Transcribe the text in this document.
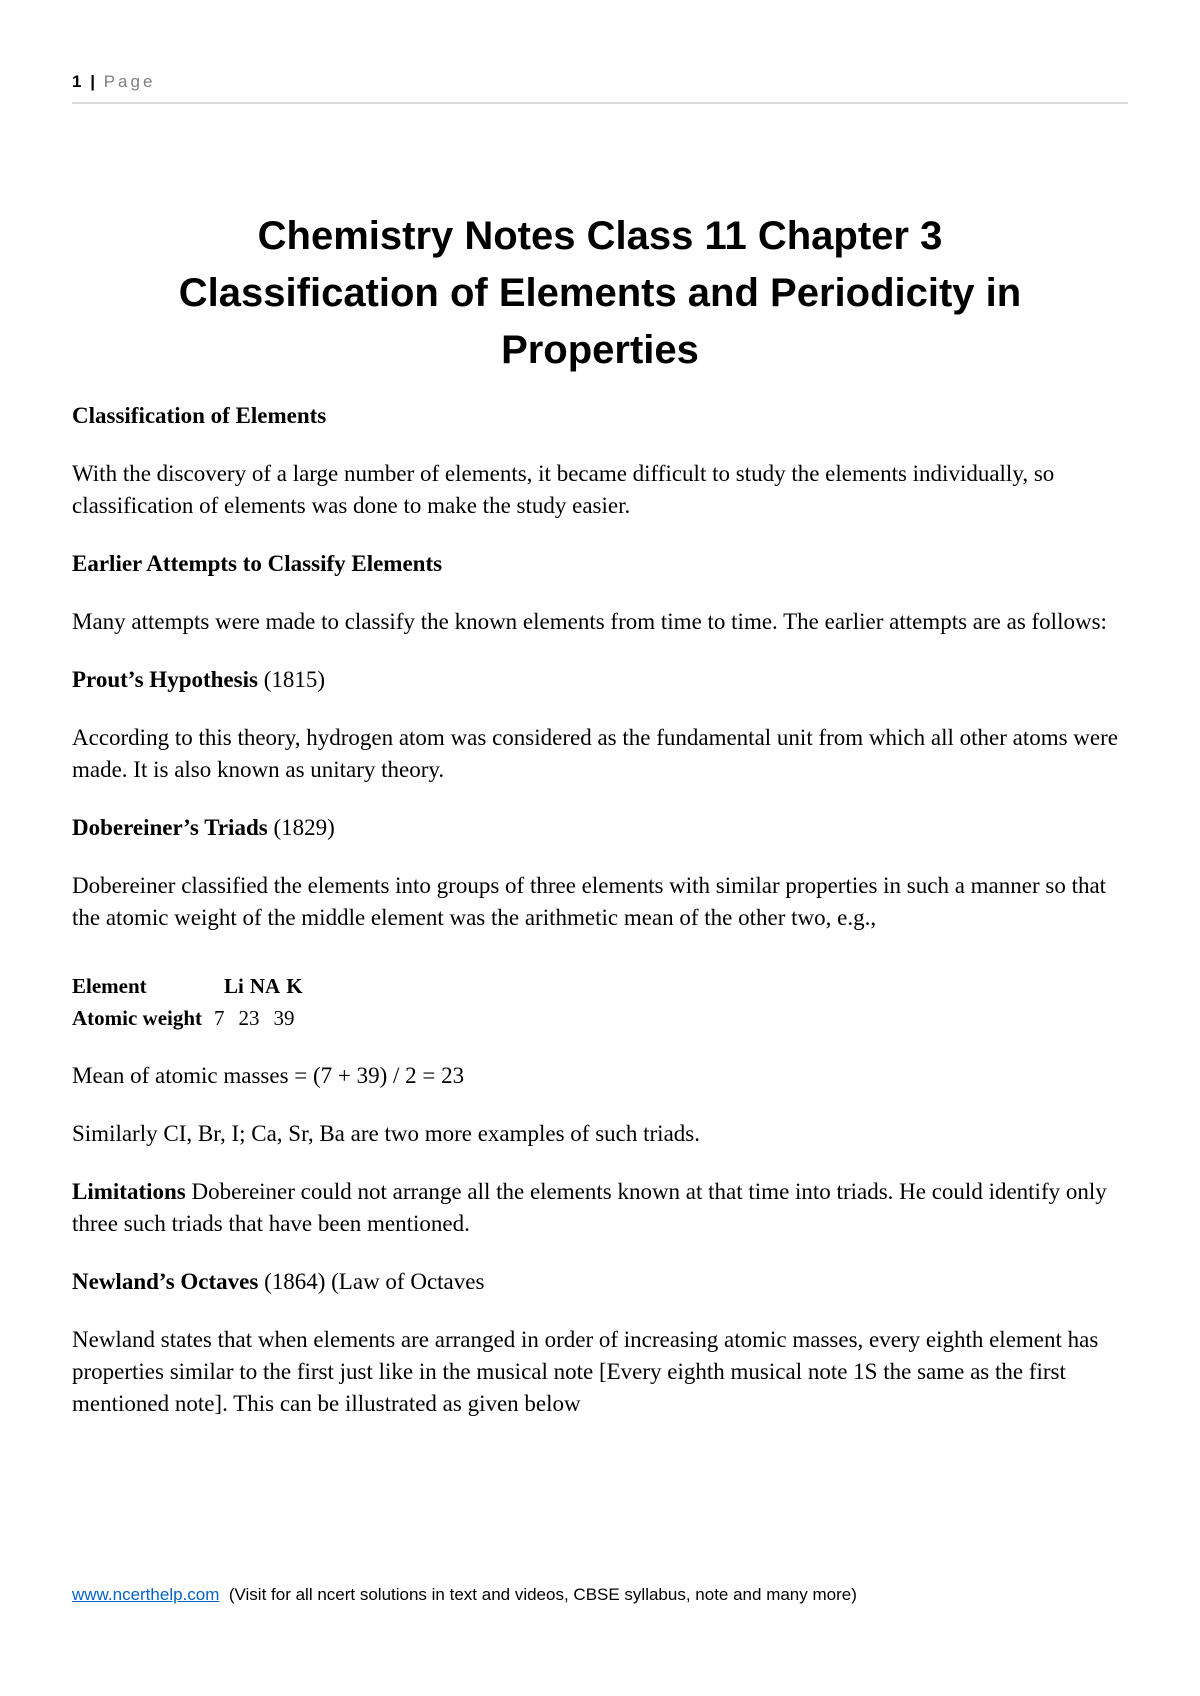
1 | Page
Chemistry Notes Class 11 Chapter 3
Classification of Elements and Periodicity in
Properties
Classification of Elements

With the discovery of a large number of elements, it became difficult to study the elements individually, so classification of elements was done to make the study easier.

Earlier Attempts to Classify Elements

Many attempts were made to classify the known elements from time to time. The earlier attempts are as follows:

Prout’s Hypothesis (1815)

According to this theory, hydrogen atom was considered as the fundamental unit from which all other atoms were made. It is also known as unitary theory.

Dobereiner’s Triads (1829)

Dobereiner classified the elements into groups of three elements with similar properties in such a manner so that the atomic weight of the middle element was the arithmetic mean of the other two, e.g.,

Element	Li NA K
Atomic weight 7 23 39

Mean of atomic masses = (7 + 39) / 2 = 23

Similarly CI, Br, I; Ca, Sr, Ba are two more examples of such triads.

Limitations Dobereiner could not arrange all the elements known at that time into triads. He could identify only three such triads that have been mentioned.

Newland’s Octaves (1864) (Law of Octaves

Newland states that when elements are arranged in order of increasing atomic masses, every eighth element has properties similar to the first just like in the musical note [Every eighth musical note 1S the same as the first mentioned note]. This can be illustrated as given below

www.ncerthelp.com  (Visit for all ncert solutions in text and videos, CBSE syllabus, note and many more)
